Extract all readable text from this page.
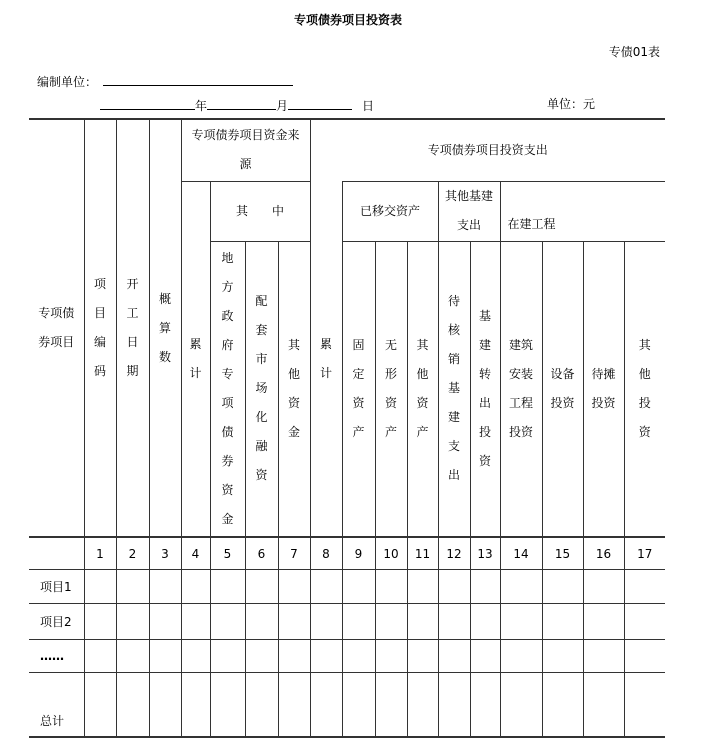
专项债券项目投资表
专债01表
编制单位：
年	月	日	单位：元
专项债券项目	项目编码	开工日期	概算数	专项债券项目资金来源				专项债券项目投资支出									
				累计	其　　中			累计	已移交资产			其他基建支出		在建工程			
					地方政府专项债券资金	配套市场化融资	其他资金		固定资产	无形资产	其他资产	待核销基建支出	基建转出投资	建筑安装工程投资	设备投资	待摊投资	其他投资
	1	2	3	4	5	6	7	8	9	10	11	12	13	14	15	16	17
项目1																	
项目2																	
……																	
总计																	
